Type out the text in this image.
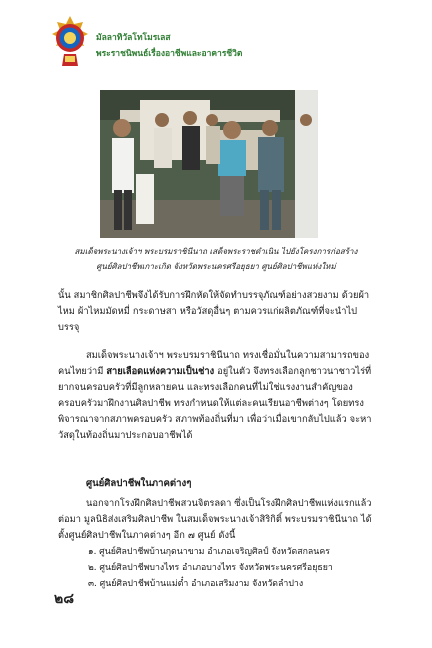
มัลลาทิวัลโทโมรเลส
พระราชนิพนธ์เรื่องอาชีพและอาคารชีวิต
สมเด็จพระนางเจ้าฯ พระบรมราชินีนาถ เสด็จพระราชดำเนิน ไปยังโครงการก่อสร้าง
ศูนย์ศิลปาชีพเกาะเกิด จังหวัดพระนครศรีอยุธยา ศูนย์ศิลปาชีพแห่งใหม่
นั้น สมาชิกศิลปาชีพจึงได้รับการฝึกหัดให้จัดทำบรรจุภัณฑ์อย่างสวยงาม ด้วยผ้าไหม ผ้าไหมมัดหมี่ กระดาษสา หรือวัสดุอื่นๆ ตามควรแก่ผลิตภัณฑ์ที่จะนำไปบรรจุ
สมเด็จพระนางเจ้าฯ พระบรมราชินีนาถ ทรงเชื่อมั่นในความสามารถของคนไทยว่ามี สายเลือดแห่งความเป็นช่าง อยู่ในตัว จึงทรงเลือกลูกชาวนาชาวไร่ที่ยากจนครอบครัวที่มีลูกหลายคน และทรงเลือกคนที่ไม่ใช่แรงงานสำคัญของครอบครัวมาฝึกงานศิลปาชีพ ทรงกำหนดให้แต่ละคนเรียนอาชีพต่างๆ โดยทรงพิจารณาจากสภาพครอบครัว สภาพท้องถิ่นที่มา เพื่อว่าเมื่อเขากลับไปแล้ว จะหาวัสดุในท้องถิ่นมาประกอบอาชีพได้
ศูนย์ศิลปาชีพในภาคต่างๆ
นอกจากโรงฝึกศิลปาชีพสวนจิตรลดา ซึ่งเป็นโรงฝึกศิลปาชีพแห่งแรกแล้ว ต่อมา มูลนิธิส่งเสริมศิลปาชีพ ในสมเด็จพระนางเจ้าสิริกิติ์ พระบรมราชินีนาถ ได้ตั้งศูนย์ศิลปาชีพในภาคต่างๆ อีก ๗ ศูนย์ ดังนี้
๑. ศูนย์ศิลปาชีพบ้านกุดนาขาม อำเภอเจริญศิลป์ จังหวัดสกลนคร
๒. ศูนย์ศิลปาชีพบางไทร อำเภอบางไทร จังหวัดพระนครศรีอยุธยา
๓. ศูนย์ศิลปาชีพบ้านแม่ต๋ำ อำเภอเสริมงาม จังหวัดลำปาง
๒๘
